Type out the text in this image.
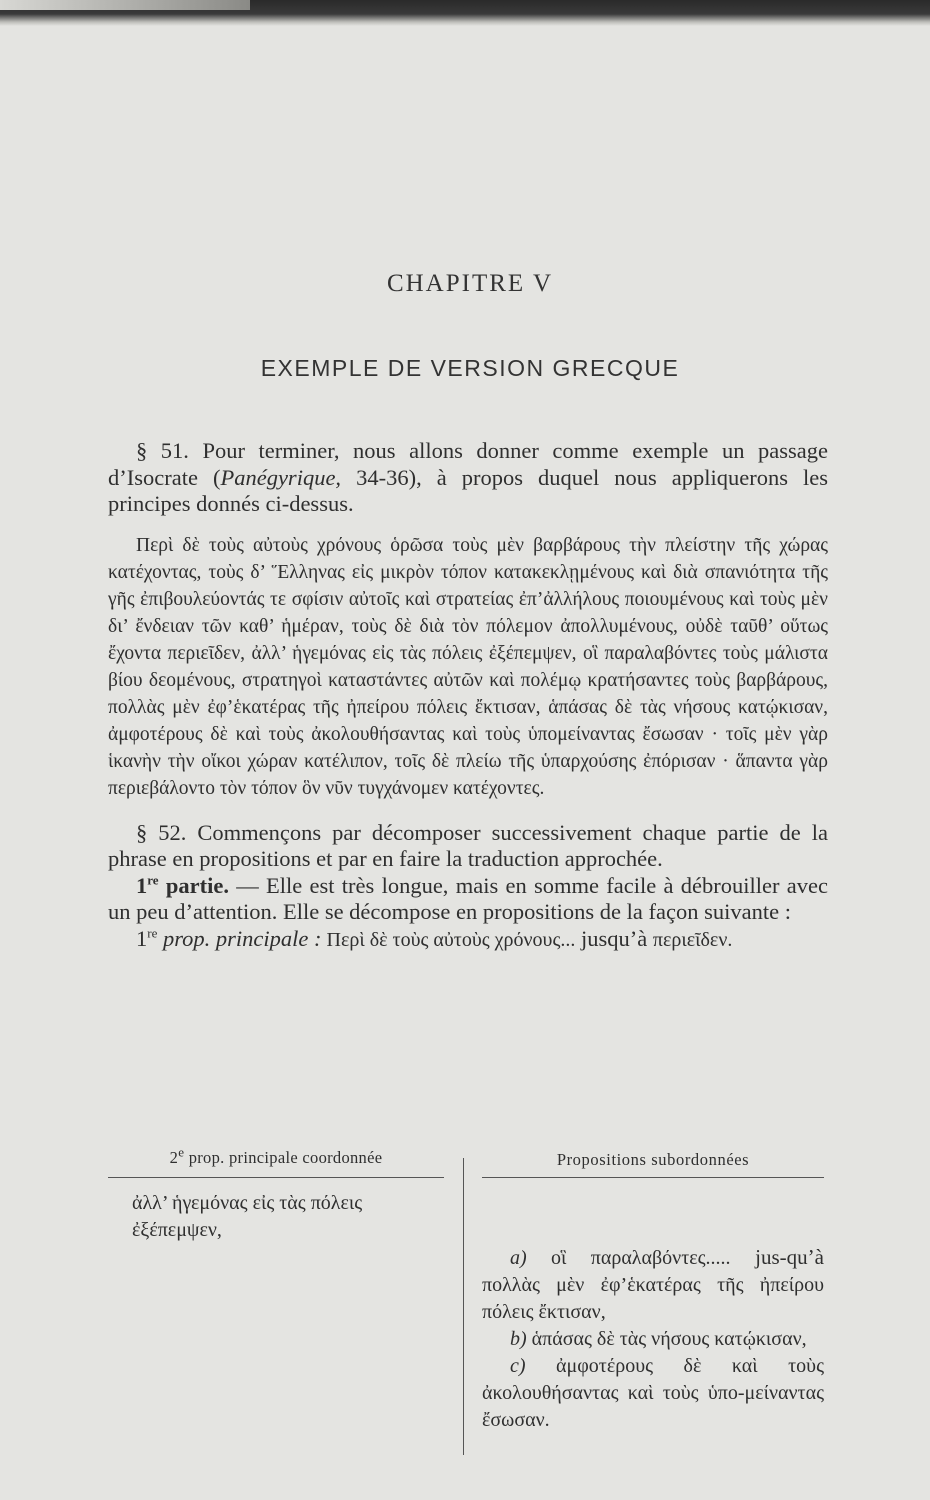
CHAPITRE V

EXEMPLE DE VERSION GRECQUE

§ 51. Pour terminer, nous allons donner comme exemple un passage d’Isocrate (Panégyrique, 34-36), à propos duquel nous appliquerons les principes donnés ci-dessus.

Περὶ δὲ τοὺς αὐτοὺς χρόνους ὁρῶσα τοὺς μὲν βαρβάρους τὴν πλείστην τῆς χώρας κατέχοντας, τοὺς δ’ Ἕλληνας εἰς μικρὸν τόπον κατακεκλῃμένους καὶ διὰ σπανιότητα τῆς γῆς ἐπιβουλεύοντάς τε σφίσιν αὐτοῖς καὶ στρατείας ἐπ’ἀλλήλους ποιουμένους καὶ τοὺς μὲν δι’ ἔνδειαν τῶν καθ’ ἡμέραν, τοὺς δὲ διὰ τὸν πόλεμον ἀπολλυμένους, οὐδὲ ταῦθ’ οὕτως ἔχοντα περιεῖδεν, ἀλλ’ ἡγεμόνας εἰς τὰς πόλεις ἐξέπεμψεν, οἳ παραλαβόντες τοὺς μάλιστα βίου δεομένους, στρατηγοὶ καταστάντες αὐτῶν καὶ πολέμῳ κρατήσαντες τοὺς βαρβάρους, πολλὰς μὲν ἐφ’ἑκατέρας τῆς ἠπείρου πόλεις ἔκτισαν, ἁπάσας δὲ τὰς νήσους κατῴκισαν, ἀμφοτέρους δὲ καὶ τοὺς ἀκολουθήσαντας καὶ τοὺς ὑπομείναντας ἔσωσαν · τοῖς μὲν γὰρ ἱκανὴν τὴν οἴκοι χώραν κατέλιπον, τοῖς δὲ πλείω τῆς ὑπαρχούσης ἐπόρισαν · ἅπαντα γὰρ περιεβάλοντο τὸν τόπον ὃν νῦν τυγχάνομεν κατέχοντες.

§ 52. Commençons par décomposer successivement chaque partie de la phrase en propositions et par en faire la traduction approchée.

1re partie. — Elle est très longue, mais en somme facile à débrouiller avec un peu d’attention. Elle se décompose en propositions de la façon suivante :

1re prop. principale : Περὶ δὲ τοὺς αὐτοὺς χρόνους... jusqu’à περιεῖδεν.

2e prop. principale coordonnée	Propositions subordonnées
ἀλλ’ ἡγεμόνας εἰς τὰς πόλεις ἐξέπεμψεν,

a) οἳ παραλαβόντες..... jus-qu’à πολλὰς μὲν ἐφ’ἑκατέρας τῆς ἠπείρου πόλεις ἔκτισαν,

b) ἁπάσας δὲ τὰς νήσους κατῴκισαν,

c) ἀμφοτέρους δὲ καὶ τοὺς ἀκολουθήσαντας καὶ τοὺς ὑπο-μείναντας ἔσωσαν.
